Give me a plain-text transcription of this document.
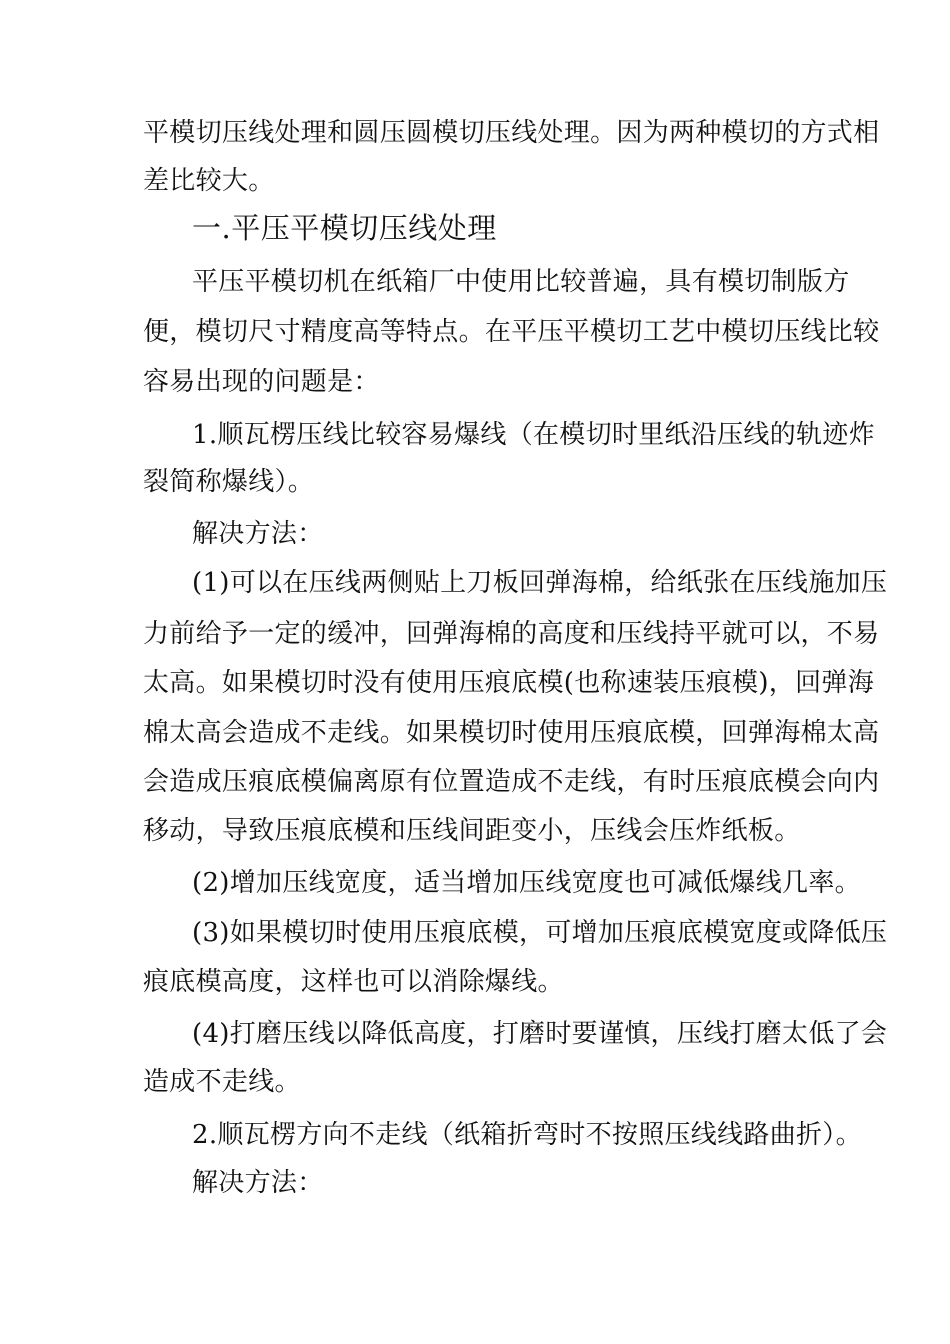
平模切压线处理和圆压圆模切压线处理。因为两种模切的方式相
差比较大。
一.平压平模切压线处理
平压平模切机在纸箱厂中使用比较普遍，具有模切制版方
便，模切尺寸精度高等特点。在平压平模切工艺中模切压线比较
容易出现的问题是：
1.顺瓦楞压线比较容易爆线（在模切时里纸沿压线的轨迹炸
裂简称爆线）。
解决方法：
(1)可以在压线两侧贴上刀板回弹海棉，给纸张在压线施加压
力前给予一定的缓冲，回弹海棉的高度和压线持平就可以，不易
太高。如果模切时没有使用压痕底模(也称速装压痕模)，回弹海
棉太高会造成不走线。如果模切时使用压痕底模，回弹海棉太高
会造成压痕底模偏离原有位置造成不走线，有时压痕底模会向内
移动，导致压痕底模和压线间距变小，压线会压炸纸板。
(2)增加压线宽度，适当增加压线宽度也可减低爆线几率。
(3)如果模切时使用压痕底模，可增加压痕底模宽度或降低压
痕底模高度，这样也可以消除爆线。
(4)打磨压线以降低高度，打磨时要谨慎，压线打磨太低了会
造成不走线。
2.顺瓦楞方向不走线（纸箱折弯时不按照压线线路曲折）。
解决方法：
